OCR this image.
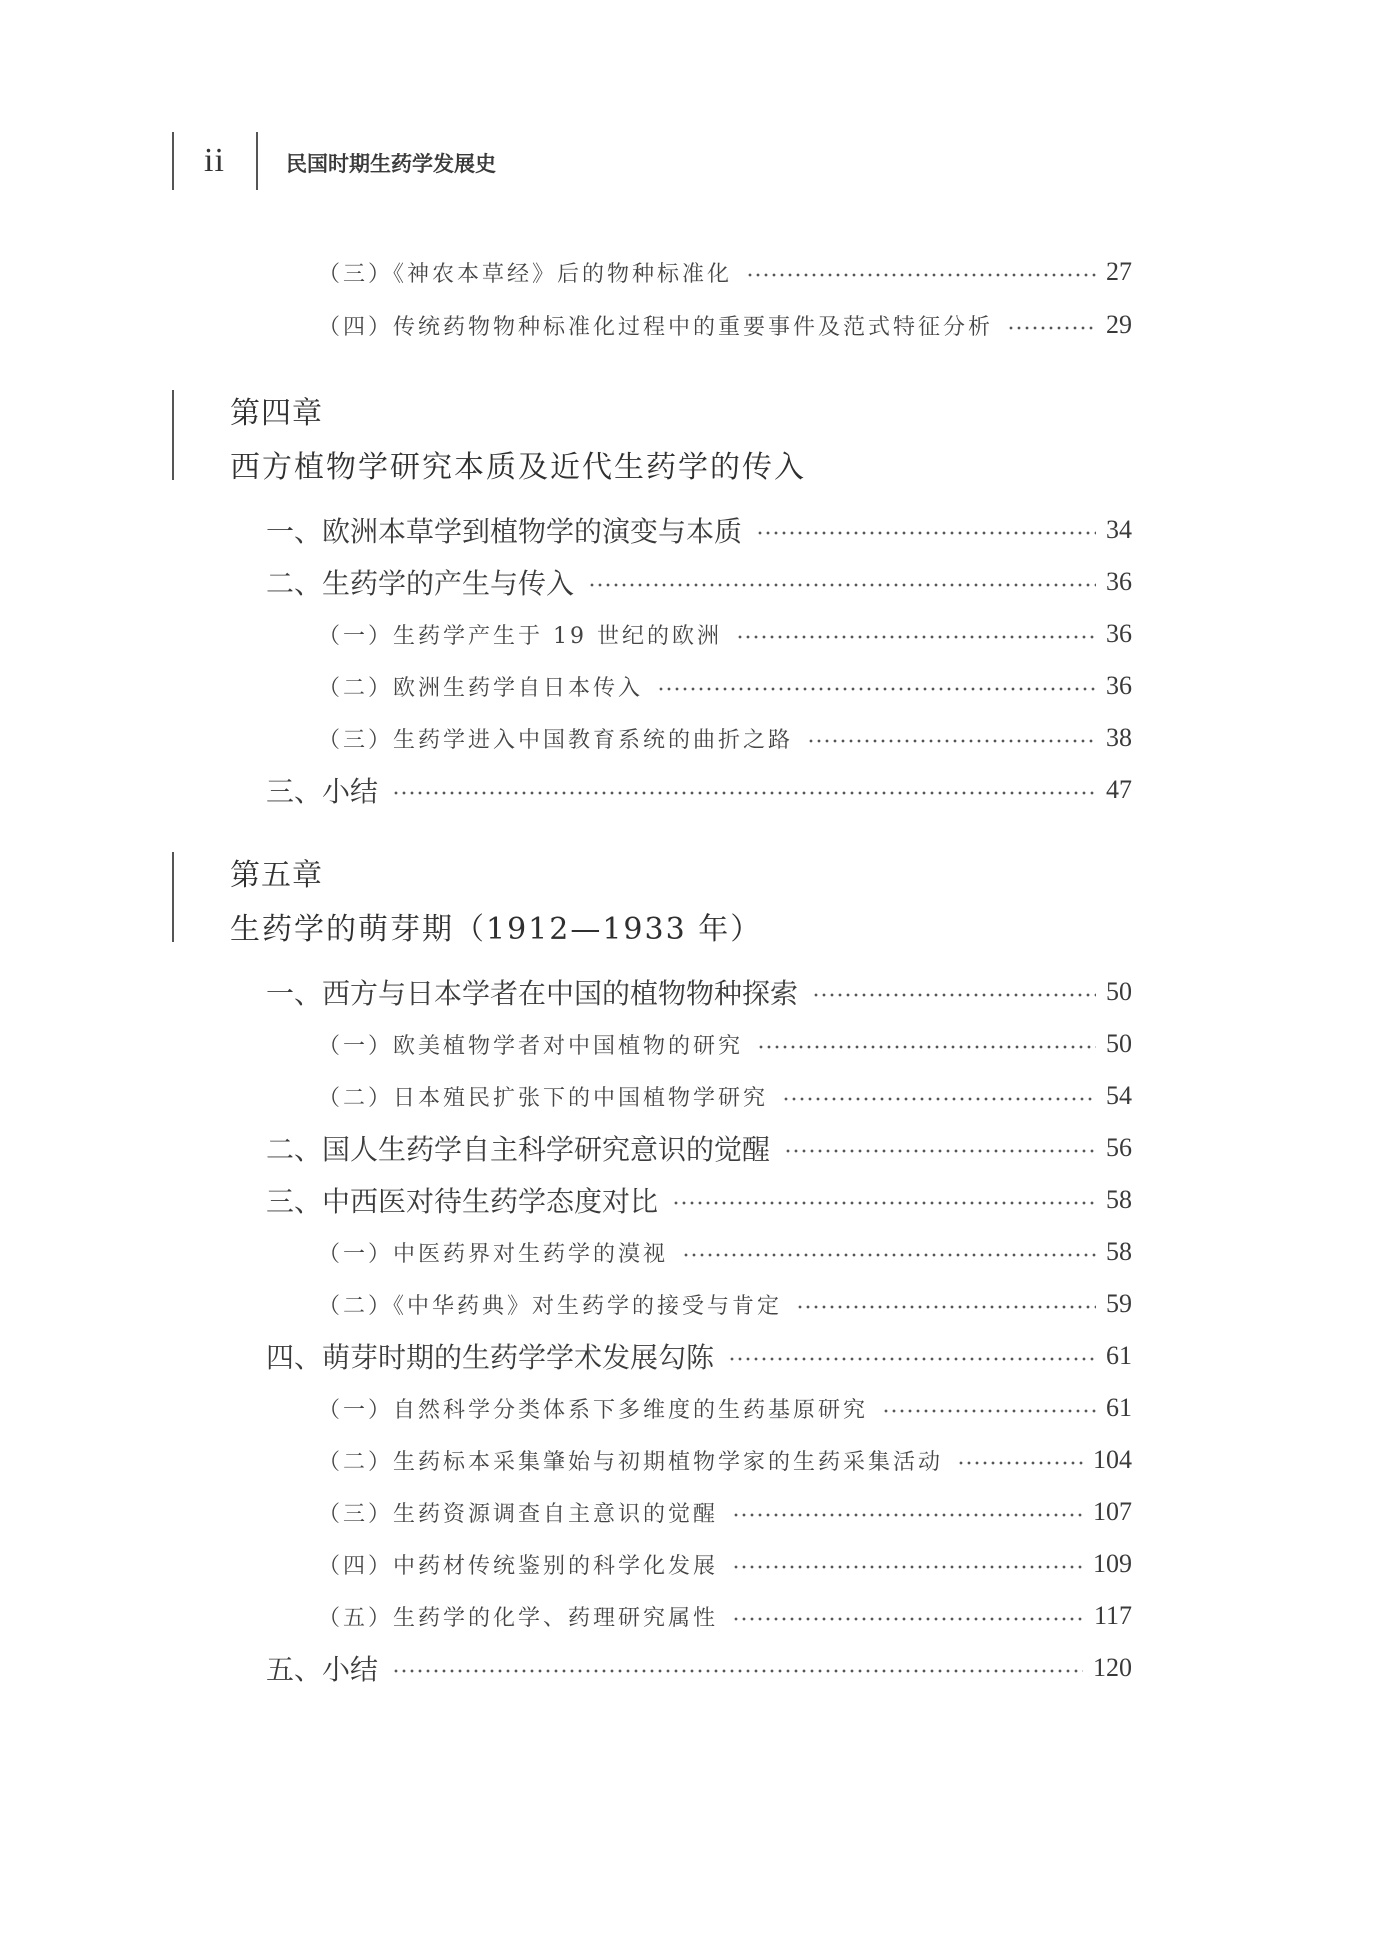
ii	民国时期生药学发展史
（三）《神农本草经》后的物种标准化	27
（四）传统药物物种标准化过程中的重要事件及范式特征分析	29
第四章
西方植物学研究本质及近代生药学的传入
一、欧洲本草学到植物学的演变与本质	34
二、生药学的产生与传入	36
（一）生药学产生于 19 世纪的欧洲	36
（二）欧洲生药学自日本传入	36
（三）生药学进入中国教育系统的曲折之路	38
三、小结	47
第五章
生药学的萌芽期（1912—1933 年）
一、西方与日本学者在中国的植物物种探索	50
（一）欧美植物学者对中国植物的研究	50
（二）日本殖民扩张下的中国植物学研究	54
二、国人生药学自主科学研究意识的觉醒	56
三、中西医对待生药学态度对比	58
（一）中医药界对生药学的漠视	58
（二）《中华药典》对生药学的接受与肯定	59
四、萌芽时期的生药学学术发展勾陈	61
（一）自然科学分类体系下多维度的生药基原研究	61
（二）生药标本采集肇始与初期植物学家的生药采集活动	104
（三）生药资源调查自主意识的觉醒	107
（四）中药材传统鉴别的科学化发展	109
（五）生药学的化学、药理研究属性	117
五、小结	120
